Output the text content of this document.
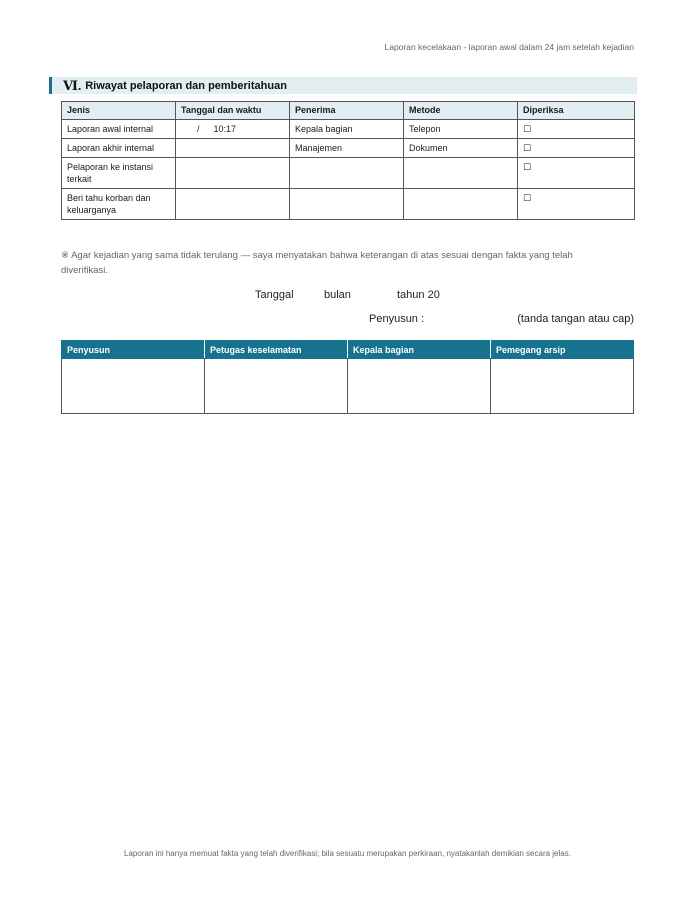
Laporan kecelakaan - laporan awal dalam 24 jam setelah kejadian
Ⅵ. Riwayat pelaporan dan pemberitahuan
Jenis	Tanggal dan waktu	Penerima	Metode	Diperiksa
Laporan awal internal	/ 10:17	Kepala bagian	Telepon	☐
Laporan akhir internal		Manajemen	Dokumen	☐
Pelaporan ke instansi terkait				☐
Beri tahu korban dan keluarganya				☐
※ Agar kejadian yang sama tidak terulang — saya menyatakan bahwa keterangan di atas sesuai dengan fakta yang telah diverifikasi.
Tanggal	bulan	tahun 20
Penyusun :	(tanda tangan atau cap)
Penyusun	Petugas keselamatan	Kepala bagian	Pemegang arsip

Laporan ini hanya memuat fakta yang telah diverifikasi; bila sesuatu merupakan perkiraan, nyatakanlah demikian secara jelas.
